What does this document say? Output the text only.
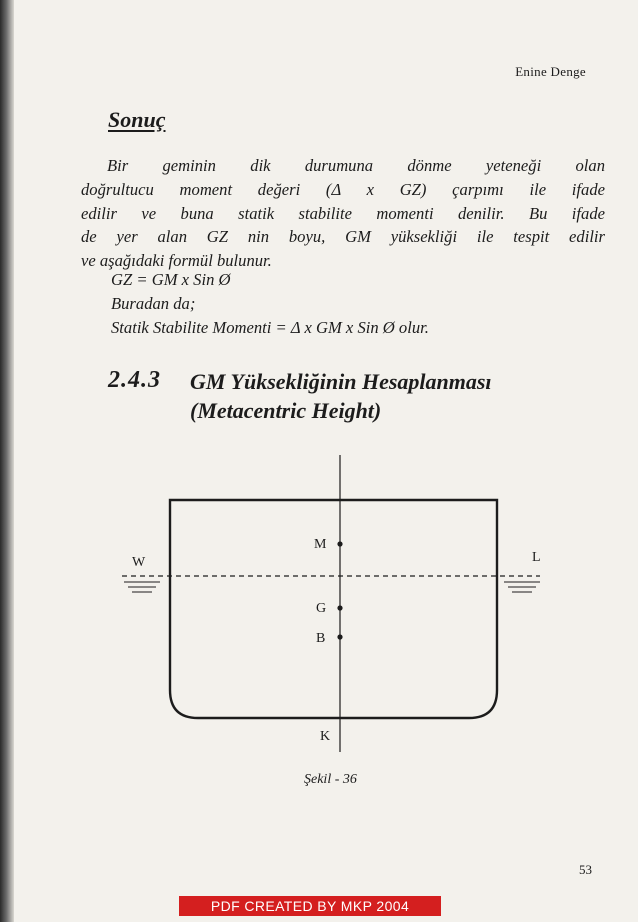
Enine Denge
Sonuç
Bir geminin dik durumuna dönme yeteneği olan
doğrultucu moment değeri (Δ x GZ) çarpımı ile ifade
edilir ve buna statik stabilite momenti denilir. Bu ifade
de yer alan GZ nin boyu, GM yüksekliği ile tespit edilir
ve aşağıdaki formül bulunur.
GZ = GM x Sin Ø
Buradan da;
Statik Stabilite Momenti = Δ x GM x Sin Ø olur.
2.4.3 GM Yüksekliğinin Hesaplanması
(Metacentric Height)
W	L
M
G
B
K
Şekil - 36
53
PDF CREATED BY MKP 2004
